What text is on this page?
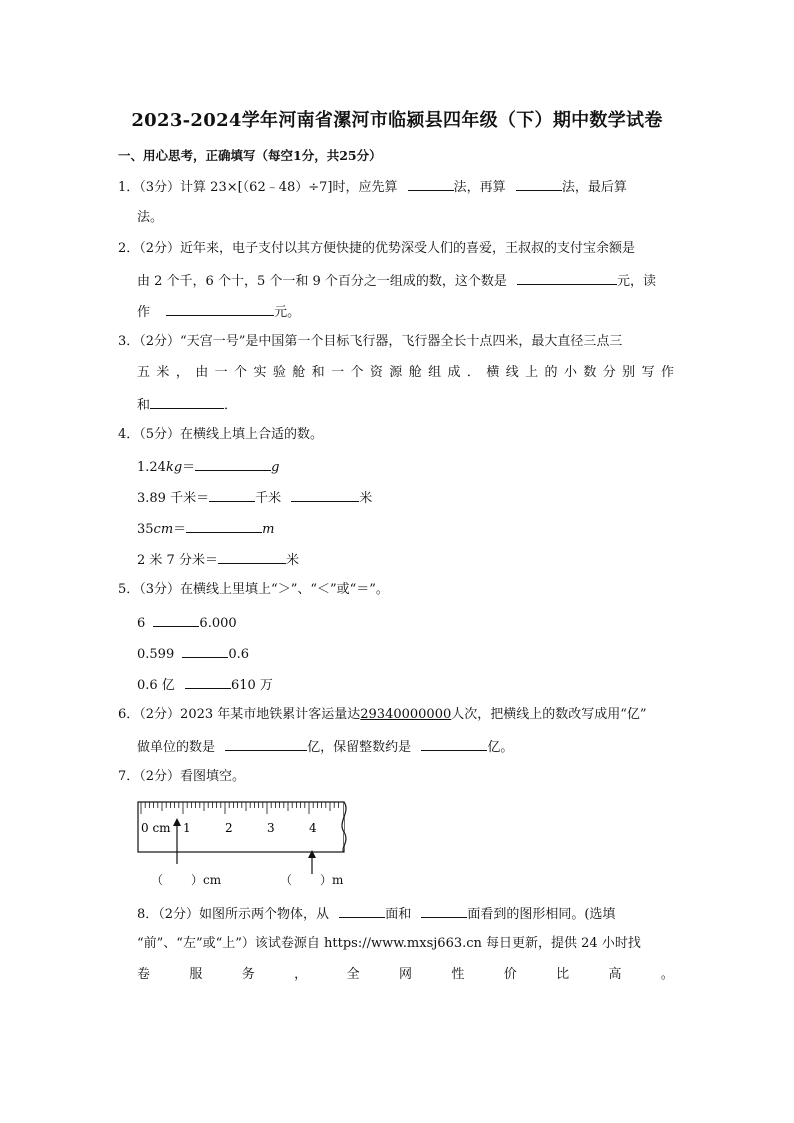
2023-2024学年河南省漯河市临颍县四年级（下）期中数学试卷
一、用心思考，正确填写（每空1分，共25分）
1．（3分）计算 23×[（62﹣48）÷7]时，应先算	法，再算	法，最后算
法。
2．（2分）近年来，电子支付以其方便快捷的优势深受人们的喜爱，王叔叔的支付宝余额是
由 2 个千，6 个十，5 个一和 9 个百分之一组成的数，这个数是	元，读
作	元。
3．（2分）“天宫一号”是中国第一个目标飞行器，飞行器全长十点四米，最大直径三点三
五 米 ， 由 一 个 实 验 舱 和 一 个 资 源 舱 组 成 ． 横 线 上 的 小 数 分 别 写 作
和	．
4．（5分）在横线上填上合适的数。
1.24kg＝	g
3.89 千米＝	千米	米
35cm＝	m
2 米 7 分米＝	米
5．（3分）在横线上里填上“＞”、“＜”或“＝”。
6	6.000
0.599	0.6
0.6 亿	610 万
6．（2分）2023 年某市地铁累计客运量达29340000000人次，把横线上的数改写成用“亿”
做单位的数是	亿，保留整数约是	亿。
7．（2分）看图填空。
0 cm 1	2	3	4
（ ）cm	（ ）m
8．（2分）如图所示两个物体，从	面和	面看到的图形相同。(选填
“前”、“左”或“上”）该试卷源自 https://www.mxsj663.cn 每日更新，提供 24 小时找
卷	服	务	，	全	网	性	价	比	高	。
